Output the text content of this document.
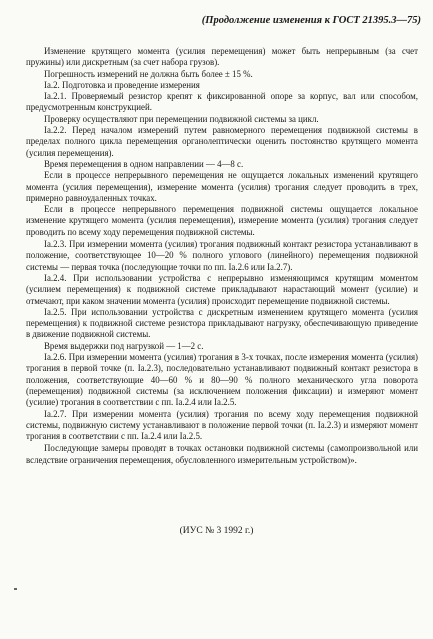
(Продолжение изменения к ГОСТ 21395.3—75)

Изменение крутящего момента (усилия перемещения) может быть непрерывным (за счет пружины) или дискретным (за счет набора грузов).

Погрешность измерений не должна быть более ± 15 %.

Iа.2. Подготовка и проведение измерения

Iа.2.1. Проверяемый резистор крепят к фиксированной опоре за корпус, вал или способом, предусмотренным конструкцией.

Проверку осуществляют при перемещении подвижной системы за цикл.

Iа.2.2. Перед началом измерений путем равномерного перемещения подвижной системы в пределах полного цикла перемещения органолептически оценить постоянство крутящего момента (усилия перемещения).

Время перемещения в одном направлении — 4—8 с.

Если в процессе непрерывного перемещения не ощущается локальных изменений крутящего момента (усилия перемещения), измерение момента (усилия) трогания следует проводить в трех, примерно равноудаленных точках.

Если в процессе непрерывного перемещения подвижной системы ощущается локальное изменение крутящего момента (усилия перемещения), измерение момента (усилия) трогания следует проводить по всему ходу перемещения подвижной системы.

Iа.2.3. При измерении момента (усилия) трогания подвижный контакт резистора устанавливают в положение, соответствующее 10—20 % полного углового (линейного) перемещения подвижной системы — первая точка (последующие точки по пп. Iа.2.6 или Iа.2.7).

Iа.2.4. При использовании устройства с непрерывно изменяющимся крутящим моментом (усилием перемещения) к подвижной системе прикладывают нарастающий момент (усилие) и отмечают, при каком значении момента (усилия) происходит перемещение подвижной системы.

Iа.2.5. При использовании устройства с дискретным изменением крутящего момента (усилия перемещения) к подвижной системе резистора прикладывают нагрузку, обеспечивающую приведение в движение подвижной системы.

Время выдержки под нагрузкой — 1—2 с.

Iа.2.6. При измерении момента (усилия) трогания в 3-х точках, после измерения момента (усилия) трогания в первой точке (п. Iа.2.3), последовательно устанавливают подвижный контакт резистора в положения, соответствующие 40—60 % и 80—90 % полного механического угла поворота (перемещения) подвижной системы (за исключением положения фиксации) и измеряют момент (усилие) трогания в соответствии с пп. Iа.2.4 или Iа.2.5.

Iа.2.7. При измерении момента (усилия) трогания по всему ходу перемещения подвижной системы, подвижную систему устанавливают в положение первой точки (п. Iа.2.3) и измеряют момент трогания в соответствии с пп. Iа.2.4 или Iа.2.5.

Последующие замеры проводят в точках остановки подвижной системы (самопроизвольной или вследствие ограничения перемещения, обусловленного измерительным устройством)».

(ИУС № 3 1992 г.)
